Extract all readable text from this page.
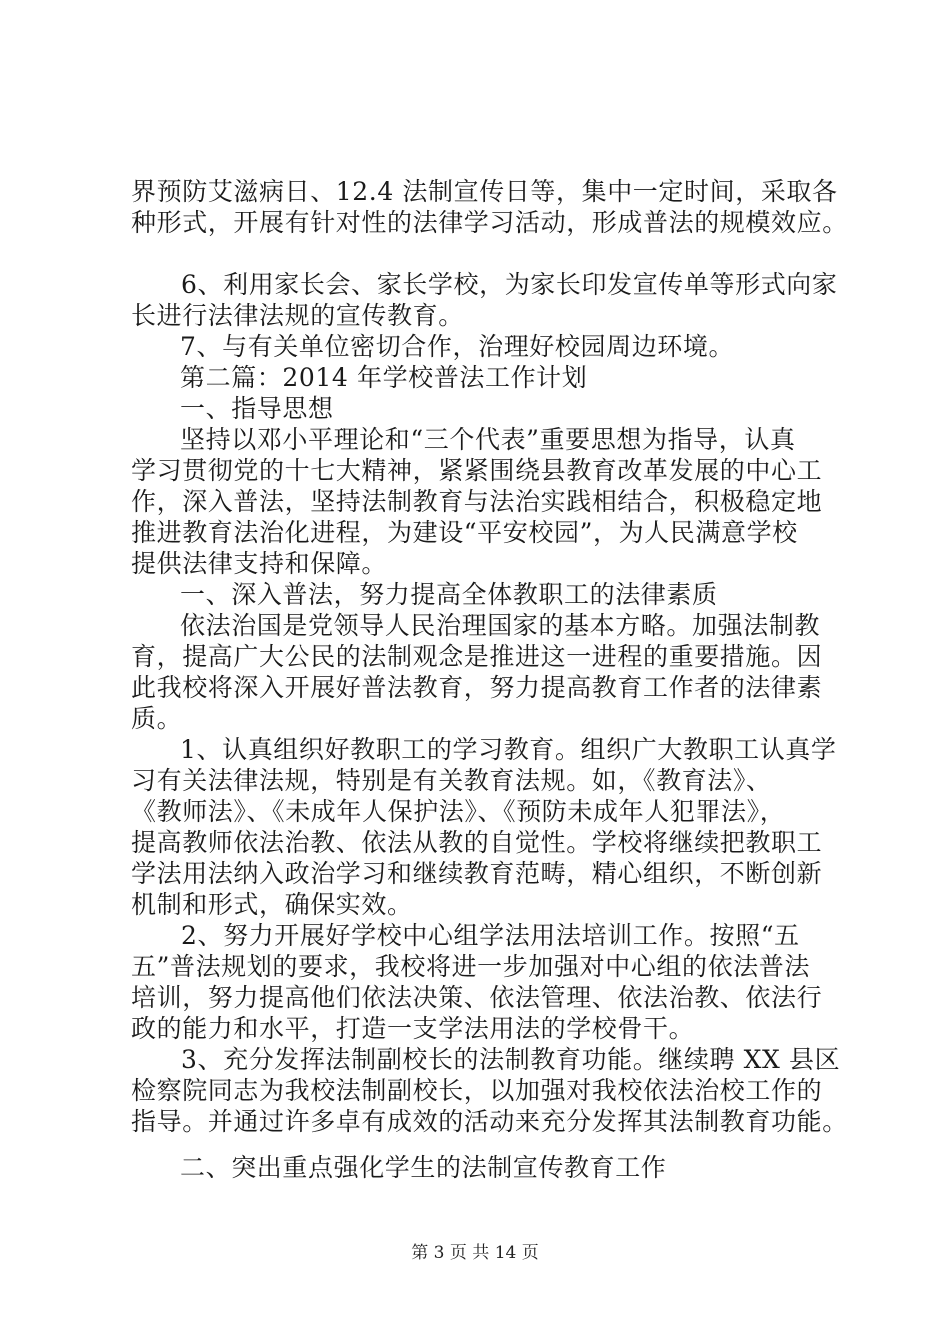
界预防艾滋病日、12.4 法制宣传日等，集中一定时间，采取各
种形式，开展有针对性的法律学习活动，形成普法的规模效应。
6、利用家长会、家长学校，为家长印发宣传单等形式向家
长进行法律法规的宣传教育。
7、与有关单位密切合作，治理好校园周边环境。
第二篇：2014 年学校普法工作计划
一、指导思想
坚持以邓小平理论和“三个代表”重要思想为指导，认真
学习贯彻党的十七大精神，紧紧围绕县教育改革发展的中心工
作，深入普法，坚持法制教育与法治实践相结合，积极稳定地
推进教育法治化进程，为建设“平安校园”，为人民满意学校
提供法律支持和保障。
一、深入普法，努力提高全体教职工的法律素质
依法治国是党领导人民治理国家的基本方略。加强法制教
育，提高广大公民的法制观念是推进这一进程的重要措施。因
此我校将深入开展好普法教育，努力提高教育工作者的法律素
质。
1、认真组织好教职工的学习教育。组织广大教职工认真学
习有关法律法规，特别是有关教育法规。如，《教育法》、
《教师法》、《未成年人保护法》、《预防未成年人犯罪法》，
提高教师依法治教、依法从教的自觉性。学校将继续把教职工
学法用法纳入政治学习和继续教育范畴，精心组织，不断创新
机制和形式，确保实效。
2、努力开展好学校中心组学法用法培训工作。按照“五
五”普法规划的要求，我校将进一步加强对中心组的依法普法
培训，努力提高他们依法决策、依法管理、依法治教、依法行
政的能力和水平，打造一支学法用法的学校骨干。
3、充分发挥法制副校长的法制教育功能。继续聘 XX 县区
检察院同志为我校法制副校长，以加强对我校依法治校工作的
指导。并通过许多卓有成效的活动来充分发挥其法制教育功能。
二、突出重点强化学生的法制宣传教育工作
第 3 页 共 14 页
